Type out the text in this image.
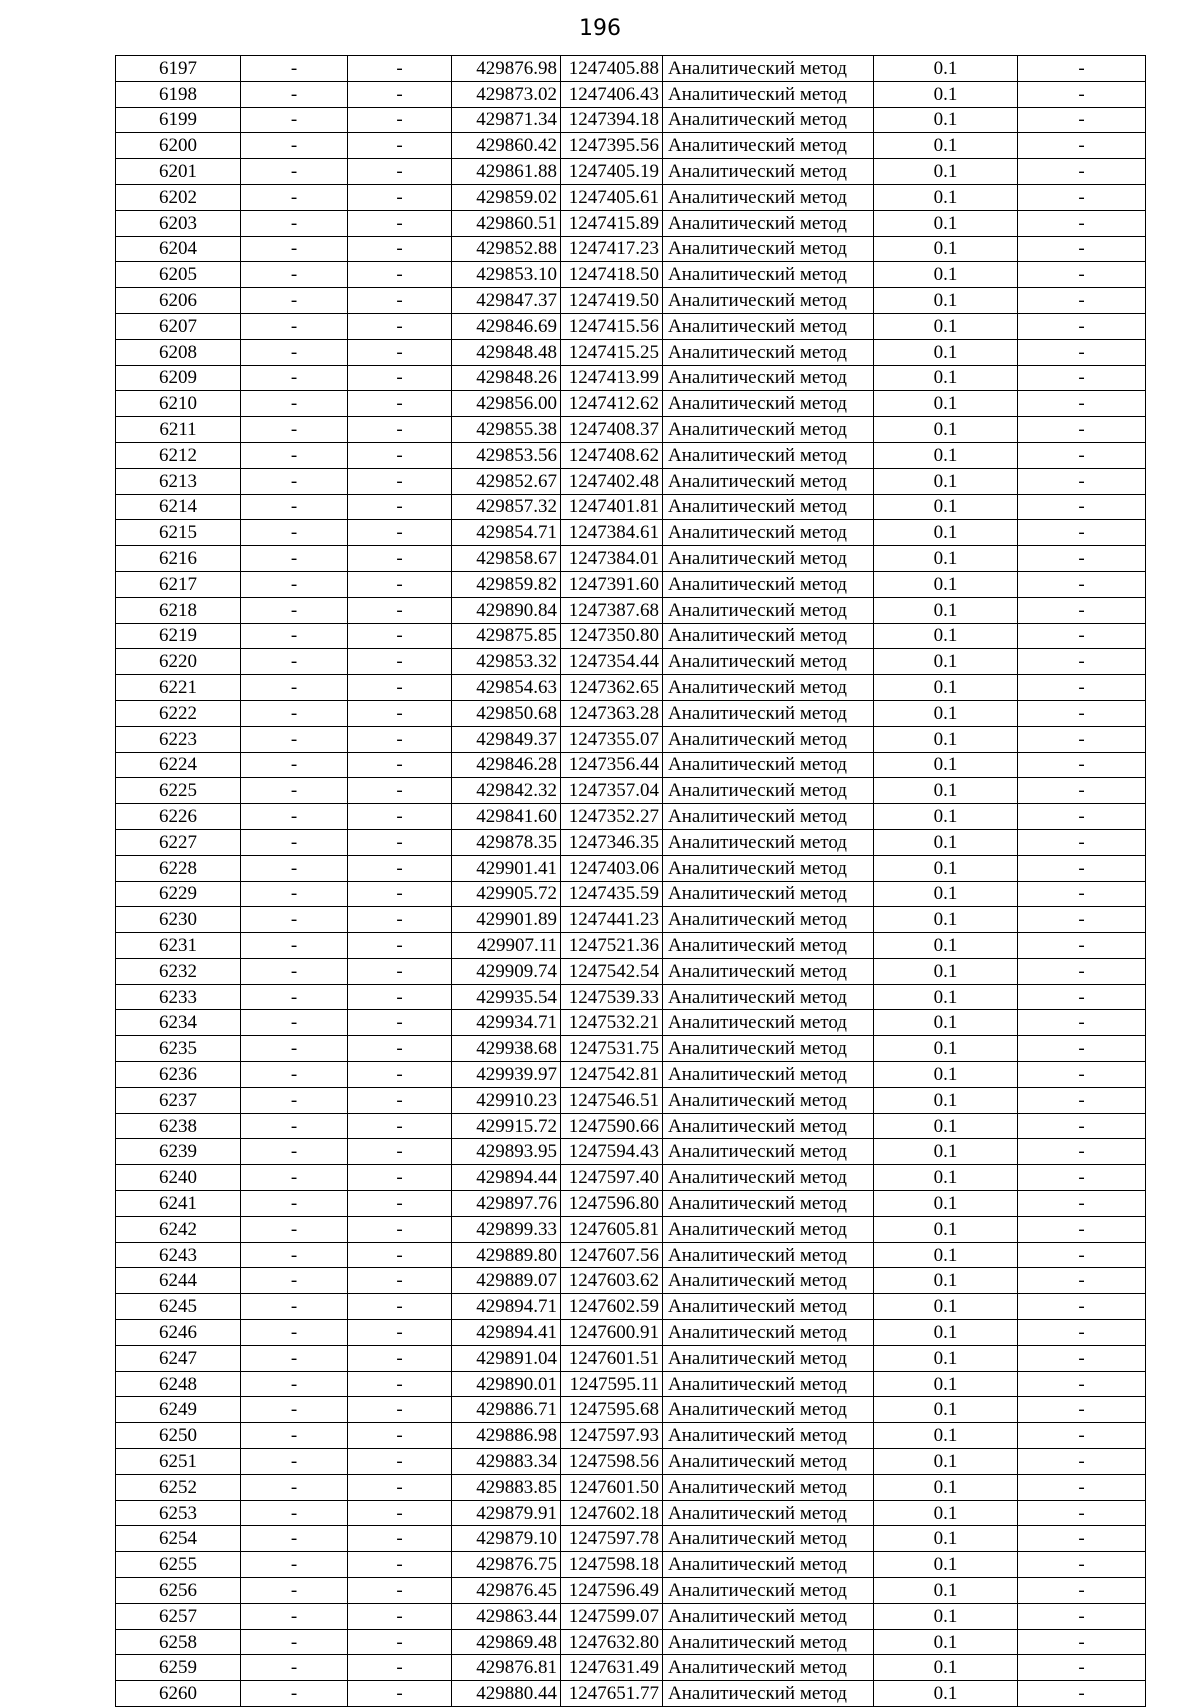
196
6197	-	-	429876.98	1247405.88	Аналитический метод	0.1	-
6198	-	-	429873.02	1247406.43	Аналитический метод	0.1	-
6199	-	-	429871.34	1247394.18	Аналитический метод	0.1	-
6200	-	-	429860.42	1247395.56	Аналитический метод	0.1	-
6201	-	-	429861.88	1247405.19	Аналитический метод	0.1	-
6202	-	-	429859.02	1247405.61	Аналитический метод	0.1	-
6203	-	-	429860.51	1247415.89	Аналитический метод	0.1	-
6204	-	-	429852.88	1247417.23	Аналитический метод	0.1	-
6205	-	-	429853.10	1247418.50	Аналитический метод	0.1	-
6206	-	-	429847.37	1247419.50	Аналитический метод	0.1	-
6207	-	-	429846.69	1247415.56	Аналитический метод	0.1	-
6208	-	-	429848.48	1247415.25	Аналитический метод	0.1	-
6209	-	-	429848.26	1247413.99	Аналитический метод	0.1	-
6210	-	-	429856.00	1247412.62	Аналитический метод	0.1	-
6211	-	-	429855.38	1247408.37	Аналитический метод	0.1	-
6212	-	-	429853.56	1247408.62	Аналитический метод	0.1	-
6213	-	-	429852.67	1247402.48	Аналитический метод	0.1	-
6214	-	-	429857.32	1247401.81	Аналитический метод	0.1	-
6215	-	-	429854.71	1247384.61	Аналитический метод	0.1	-
6216	-	-	429858.67	1247384.01	Аналитический метод	0.1	-
6217	-	-	429859.82	1247391.60	Аналитический метод	0.1	-
6218	-	-	429890.84	1247387.68	Аналитический метод	0.1	-
6219	-	-	429875.85	1247350.80	Аналитический метод	0.1	-
6220	-	-	429853.32	1247354.44	Аналитический метод	0.1	-
6221	-	-	429854.63	1247362.65	Аналитический метод	0.1	-
6222	-	-	429850.68	1247363.28	Аналитический метод	0.1	-
6223	-	-	429849.37	1247355.07	Аналитический метод	0.1	-
6224	-	-	429846.28	1247356.44	Аналитический метод	0.1	-
6225	-	-	429842.32	1247357.04	Аналитический метод	0.1	-
6226	-	-	429841.60	1247352.27	Аналитический метод	0.1	-
6227	-	-	429878.35	1247346.35	Аналитический метод	0.1	-
6228	-	-	429901.41	1247403.06	Аналитический метод	0.1	-
6229	-	-	429905.72	1247435.59	Аналитический метод	0.1	-
6230	-	-	429901.89	1247441.23	Аналитический метод	0.1	-
6231	-	-	429907.11	1247521.36	Аналитический метод	0.1	-
6232	-	-	429909.74	1247542.54	Аналитический метод	0.1	-
6233	-	-	429935.54	1247539.33	Аналитический метод	0.1	-
6234	-	-	429934.71	1247532.21	Аналитический метод	0.1	-
6235	-	-	429938.68	1247531.75	Аналитический метод	0.1	-
6236	-	-	429939.97	1247542.81	Аналитический метод	0.1	-
6237	-	-	429910.23	1247546.51	Аналитический метод	0.1	-
6238	-	-	429915.72	1247590.66	Аналитический метод	0.1	-
6239	-	-	429893.95	1247594.43	Аналитический метод	0.1	-
6240	-	-	429894.44	1247597.40	Аналитический метод	0.1	-
6241	-	-	429897.76	1247596.80	Аналитический метод	0.1	-
6242	-	-	429899.33	1247605.81	Аналитический метод	0.1	-
6243	-	-	429889.80	1247607.56	Аналитический метод	0.1	-
6244	-	-	429889.07	1247603.62	Аналитический метод	0.1	-
6245	-	-	429894.71	1247602.59	Аналитический метод	0.1	-
6246	-	-	429894.41	1247600.91	Аналитический метод	0.1	-
6247	-	-	429891.04	1247601.51	Аналитический метод	0.1	-
6248	-	-	429890.01	1247595.11	Аналитический метод	0.1	-
6249	-	-	429886.71	1247595.68	Аналитический метод	0.1	-
6250	-	-	429886.98	1247597.93	Аналитический метод	0.1	-
6251	-	-	429883.34	1247598.56	Аналитический метод	0.1	-
6252	-	-	429883.85	1247601.50	Аналитический метод	0.1	-
6253	-	-	429879.91	1247602.18	Аналитический метод	0.1	-
6254	-	-	429879.10	1247597.78	Аналитический метод	0.1	-
6255	-	-	429876.75	1247598.18	Аналитический метод	0.1	-
6256	-	-	429876.45	1247596.49	Аналитический метод	0.1	-
6257	-	-	429863.44	1247599.07	Аналитический метод	0.1	-
6258	-	-	429869.48	1247632.80	Аналитический метод	0.1	-
6259	-	-	429876.81	1247631.49	Аналитический метод	0.1	-
6260	-	-	429880.44	1247651.77	Аналитический метод	0.1	-
